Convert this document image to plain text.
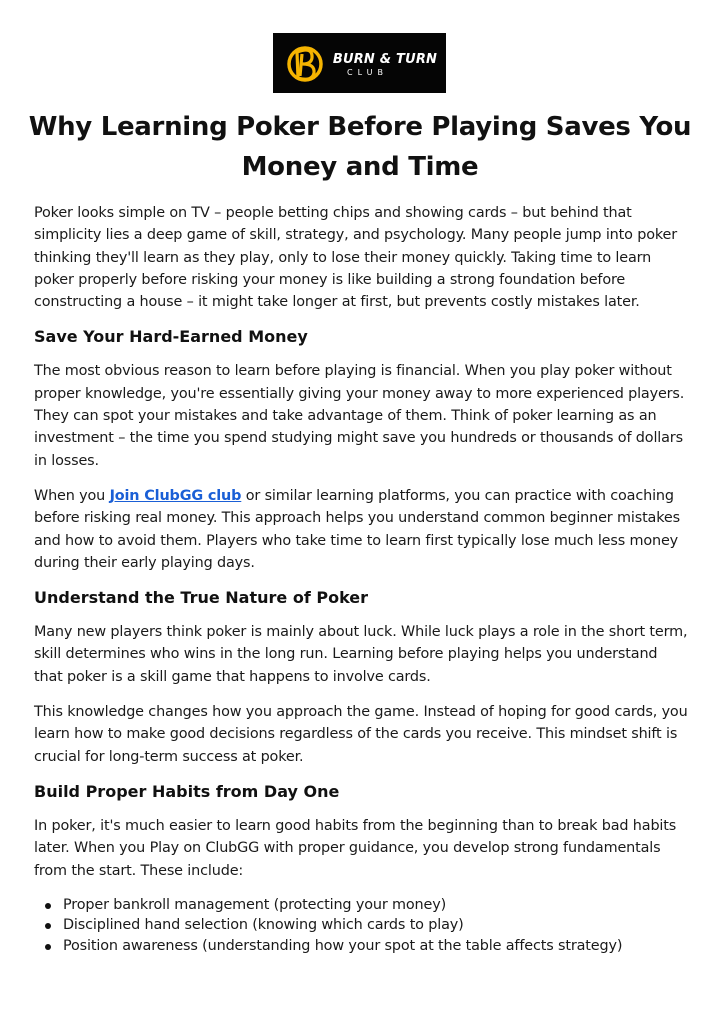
BURN & TURN
CLUB
Why Learning Poker Before Playing Saves You Money and Time

Poker looks simple on TV – people betting chips and showing cards – but behind that simplicity lies a deep game of skill, strategy, and psychology. Many people jump into poker thinking they'll learn as they play, only to lose their money quickly. Taking time to learn poker properly before risking your money is like building a strong foundation before constructing a house – it might take longer at first, but prevents costly mistakes later.

Save Your Hard-Earned Money

The most obvious reason to learn before playing is financial. When you play poker without proper knowledge, you're essentially giving your money away to more experienced players. They can spot your mistakes and take advantage of them. Think of poker learning as an investment – the time you spend studying might save you hundreds or thousands of dollars in losses.

When you Join ClubGG club or similar learning platforms, you can practice with coaching before risking real money. This approach helps you understand common beginner mistakes and how to avoid them. Players who take time to learn first typically lose much less money during their early playing days.

Understand the True Nature of Poker

Many new players think poker is mainly about luck. While luck plays a role in the short term, skill determines who wins in the long run. Learning before playing helps you understand that poker is a skill game that happens to involve cards.

This knowledge changes how you approach the game. Instead of hoping for good cards, you learn how to make good decisions regardless of the cards you receive. This mindset shift is crucial for long-term success at poker.

Build Proper Habits from Day One

In poker, it's much easier to learn good habits from the beginning than to break bad habits later. When you Play on ClubGG with proper guidance, you develop strong fundamentals from the start. These include:

Proper bankroll management (protecting your money)
Disciplined hand selection (knowing which cards to play)
Position awareness (understanding how your spot at the table affects strategy)
